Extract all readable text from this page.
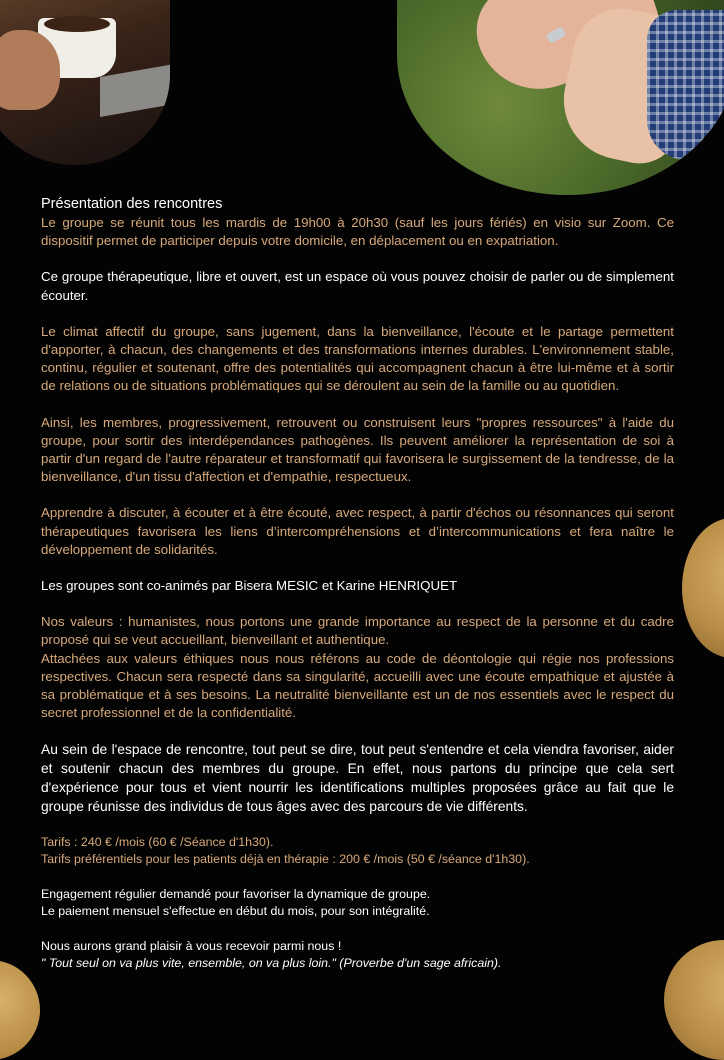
Présentation des rencontres

Le groupe se réunit tous les mardis de 19h00 à 20h30 (sauf les jours fériés) en visio sur Zoom. Ce dispositif permet de participer depuis votre domicile, en déplacement ou en expatriation.

Ce groupe thérapeutique, libre et ouvert, est un espace où vous pouvez choisir de parler ou de simplement écouter.

Le climat affectif du groupe, sans jugement, dans la bienveillance, l'écoute et le partage permettent d'apporter, à chacun, des changements et des transformations internes durables. L'environnement stable, continu, régulier et soutenant, offre des potentialités qui accompagnent chacun à être lui-même et à sortir de relations ou de situations problématiques qui se déroulent au sein de la famille ou au quotidien.

Ainsi, les membres, progressivement, retrouvent ou construisent leurs "propres ressources" à l'aide du groupe, pour sortir des interdépendances pathogènes. Ils peuvent améliorer la représentation de soi à partir d'un regard de l'autre réparateur et transformatif qui favorisera le surgissement de la tendresse, de la bienveillance, d'un tissu d'affection et d'empathie, respectueux.

Apprendre à discuter, à écouter et à être écouté, avec respect, à partir d'échos ou résonnances qui seront thérapeutiques favorisera les liens d’intercompréhensions et d’intercommunications et fera naître le développement de solidarités.

Les groupes sont co-animés par Bisera MESIC et Karine HENRIQUET

Nos valeurs : humanistes, nous portons une grande importance au respect de la personne et du cadre proposé qui se veut accueillant, bienveillant et authentique.

Attachées aux valeurs éthiques nous nous référons au code de déontologie qui régie nos professions respectives. Chacun sera respecté dans sa singularité, accueilli avec une écoute empathique et ajustée à sa problématique et à ses besoins. La neutralité bienveillante est un de nos essentiels avec le respect du secret professionnel et de la confidentialité.

Au sein de l'espace de rencontre, tout peut se dire, tout peut s'entendre et cela viendra favoriser, aider et soutenir chacun des membres du groupe. En effet, nous partons du principe que cela sert d'expérience pour tous et vient nourrir les identifications multiples proposées grâce au fait que le groupe réunisse des individus de tous âges avec des parcours de vie différents.

Tarifs : 240 € /mois (60 € /Séance d'1h30).

Tarifs préférentiels pour les patients déjà en thérapie : 200 € /mois (50 € /séance d'1h30).

Engagement régulier demandé pour favoriser la dynamique de groupe.

Le paiement mensuel s'effectue en début du mois, pour son intégralité.

Nous aurons grand plaisir à vous recevoir parmi nous !

" Tout seul on va plus vite, ensemble, on va plus loin." (Proverbe d'un sage africain).
